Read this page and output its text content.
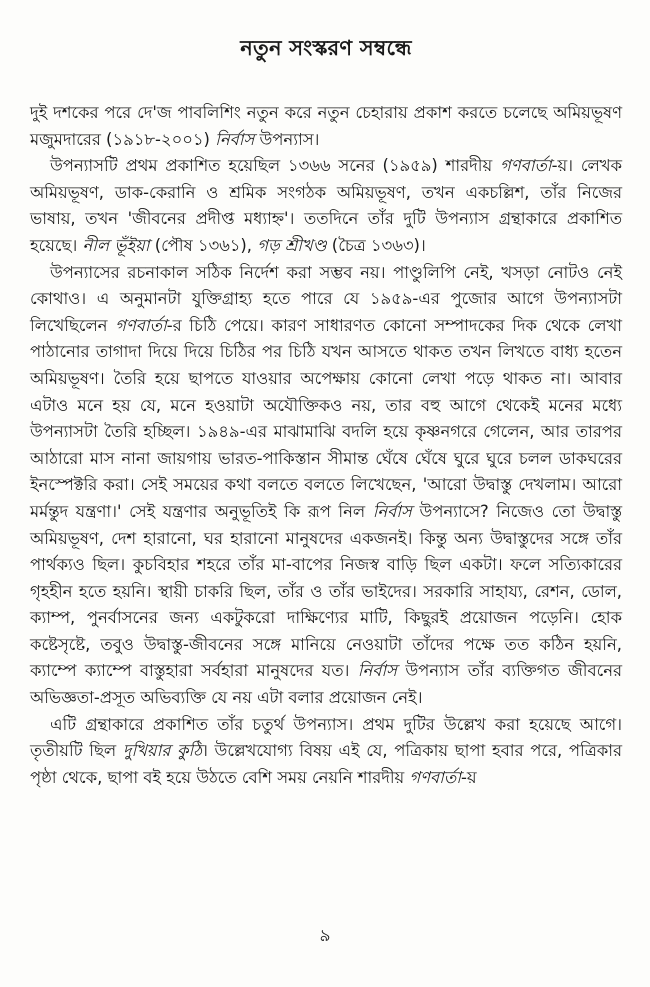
নতুন সংস্করণ সম্বন্ধে

দুই দশকের পরে দে'জ পাবলিশিং নতুন করে নতুন চেহারায় প্রকাশ করতে চলেছে অমিয়ভূষণ মজুমদারের (১৯১৮-২০০১) নির্বাস উপন্যাস।

উপন্যাসটি প্রথম প্রকাশিত হয়েছিল ১৩৬৬ সনের (১৯৫৯) শারদীয় গণবার্তা-য়। লেখক অমিয়ভূষণ, ডাক-কেরানি ও শ্রমিক সংগঠক অমিয়ভূষণ, তখন একচল্লিশ, তাঁর নিজের ভাষায়, তখন 'জীবনের প্রদীপ্ত মধ্যাহ্ন'। ততদিনে তাঁর দুটি উপন্যাস গ্রন্থাকারে প্রকাশিত হয়েছে। নীল ভূঁইয়া (পৌষ ১৩৬১), গড় শ্রীখণ্ড (চৈত্র ১৩৬৩)।

উপন্যাসের রচনাকাল সঠিক নির্দেশ করা সম্ভব নয়। পাণ্ডুলিপি নেই, খসড়া নোটও নেই কোথাও। এ অনুমানটা যুক্তিগ্রাহ্য হতে পারে যে ১৯৫৯-এর পুজোর আগে উপন্যাসটা লিখেছিলেন গণবার্তা-র চিঠি পেয়ে। কারণ সাধারণত কোনো সম্পাদকের দিক থেকে লেখা পাঠানোর তাগাদা দিয়ে দিয়ে চিঠির পর চিঠি যখন আসতে থাকত তখন লিখতে বাধ্য হতেন অমিয়ভূষণ। তৈরি হয়ে ছাপতে যাওয়ার অপেক্ষায় কোনো লেখা পড়ে থাকত না। আবার এটাও মনে হয় যে, মনে হওয়াটা অযৌক্তিকও নয়, তার বহু আগে থেকেই মনের মধ্যে উপন্যাসটা তৈরি হচ্ছিল। ১৯৪৯-এর মাঝামাঝি বদলি হয়ে কৃষ্ণনগরে গেলেন, আর তারপর আঠারো মাস নানা জায়গায় ভারত-পাকিস্তান সীমান্ত ঘেঁষে ঘেঁষে ঘুরে ঘুরে চলল ডাকঘরের ইনস্পেক্টরি করা। সেই সময়ের কথা বলতে বলতে লিখেছেন, 'আরো উদ্বাস্তু দেখলাম। আরো মর্মন্তুদ যন্ত্রণা।' সেই যন্ত্রণার অনুভূতিই কি রূপ নিল নির্বাস উপন্যাসে? নিজেও তো উদ্বাস্তু অমিয়ভূষণ, দেশ হারানো, ঘর হারানো মানুষদের একজনই। কিন্তু অন্য উদ্বাস্তুদের সঙ্গে তাঁর পার্থক্যও ছিল। কুচবিহার শহরে তাঁর মা-বাপের নিজস্ব বাড়ি ছিল একটা। ফলে সত্যিকারের গৃহহীন হতে হয়নি। স্থায়ী চাকরি ছিল, তাঁর ও তাঁর ভাইদের। সরকারি সাহায্য, রেশন, ডোল, ক্যাম্প, পুনর্বাসনের জন্য একটুকরো দাক্ষিণ্যের মাটি, কিছুরই প্রয়োজন পড়েনি। হোক কষ্টেসৃষ্টে, তবুও উদ্বাস্তু-জীবনের সঙ্গে মানিয়ে নেওয়াটা তাঁদের পক্ষে তত কঠিন হয়নি, ক্যাম্পে ক্যাম্পে বাস্তুহারা সর্বহারা মানুষদের যত। নির্বাস উপন্যাস তাঁর ব্যক্তিগত জীবনের অভিজ্ঞতা-প্রসূত অভিব্যক্তি যে নয় এটা বলার প্রয়োজন নেই।

এটি গ্রন্থাকারে প্রকাশিত তাঁর চতুর্থ উপন্যাস। প্রথম দুটির উল্লেখ করা হয়েছে আগে। তৃতীয়টি ছিল দুখিয়ার কুঠি। উল্লেখযোগ্য বিষয় এই যে, পত্রিকায় ছাপা হবার পরে, পত্রিকার পৃষ্ঠা থেকে, ছাপা বই হয়ে উঠতে বেশি সময় নেয়নি শারদীয় গণবার্তা-য়

৯
